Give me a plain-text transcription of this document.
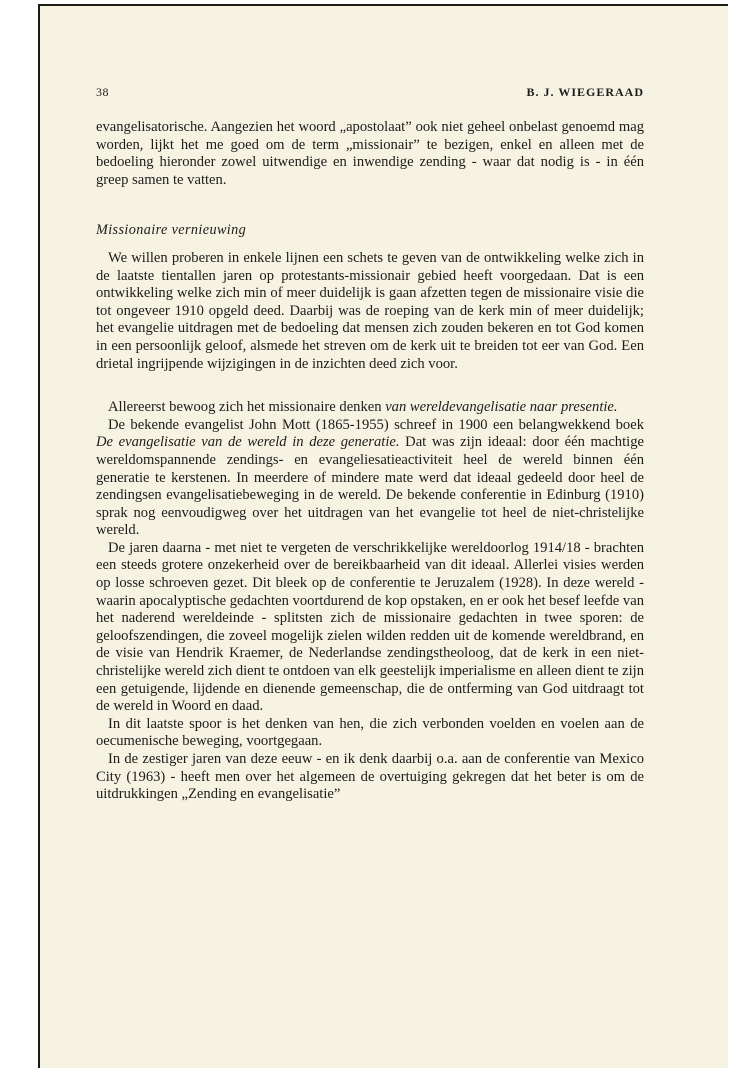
38	B. J. WIEGERAAD

evangelisatorische. Aangezien het woord „apostolaat” ook niet geheel onbelast genoemd mag worden, lijkt het me goed om de term „missionair” te bezigen, enkel en alleen met de bedoeling hieronder zowel uitwendige en inwendige zending - waar dat nodig is - in één greep samen te vatten.

Missionaire vernieuwing

We willen proberen in enkele lijnen een schets te geven van de ontwikkeling welke zich in de laatste tientallen jaren op protestants-missionair gebied heeft voorgedaan. Dat is een ontwikkeling welke zich min of meer duidelijk is gaan afzetten tegen de missionaire visie die tot ongeveer 1910 opgeld deed. Daarbij was de roeping van de kerk min of meer duidelijk; het evangelie uitdragen met de bedoeling dat mensen zich zouden bekeren en tot God komen in een persoonlijk geloof, alsmede het streven om de kerk uit te breiden tot eer van God. Een drietal ingrijpende wijzigingen in de inzichten deed zich voor.

Allereerst bewoog zich het missionaire denken van wereldevangelisatie naar presentie.

De bekende evangelist John Mott (1865-1955) schreef in 1900 een belangwekkend boek De evangelisatie van de wereld in deze generatie. Dat was zijn ideaal: door één machtige wereldomspannende zendings- en evangeliesatieactiviteit heel de wereld binnen één generatie te kerstenen. In meerdere of mindere mate werd dat ideaal gedeeld door heel de zendingsen evangelisatiebeweging in de wereld. De bekende conferentie in Edinburg (1910) sprak nog eenvoudigweg over het uitdragen van het evangelie tot heel de niet-christelijke wereld.

De jaren daarna - met niet te vergeten de verschrikkelijke wereldoorlog 1914/18 - brachten een steeds grotere onzekerheid over de bereikbaarheid van dit ideaal. Allerlei visies werden op losse schroeven gezet. Dit bleek op de conferentie te Jeruzalem (1928). In deze wereld - waarin apocalyptische gedachten voortdurend de kop opstaken, en er ook het besef leefde van het naderend wereldeinde - splitsten zich de missionaire gedachten in twee sporen: de geloofszendingen, die zoveel mogelijk zielen wilden redden uit de komende wereldbrand, en de visie van Hendrik Kraemer, de Nederlandse zendingstheoloog, dat de kerk in een niet-christelijke wereld zich dient te ontdoen van elk geestelijk imperialisme en alleen dient te zijn een getuigende, lijdende en dienende gemeenschap, die de ontferming van God uitdraagt tot de wereld in Woord en daad.

In dit laatste spoor is het denken van hen, die zich verbonden voelden en voelen aan de oecumenische beweging, voortgegaan.

In de zestiger jaren van deze eeuw - en ik denk daarbij o.a. aan de conferentie van Mexico City (1963) - heeft men over het algemeen de overtuiging gekregen dat het beter is om de uitdrukkingen „Zending en evangelisatie”
